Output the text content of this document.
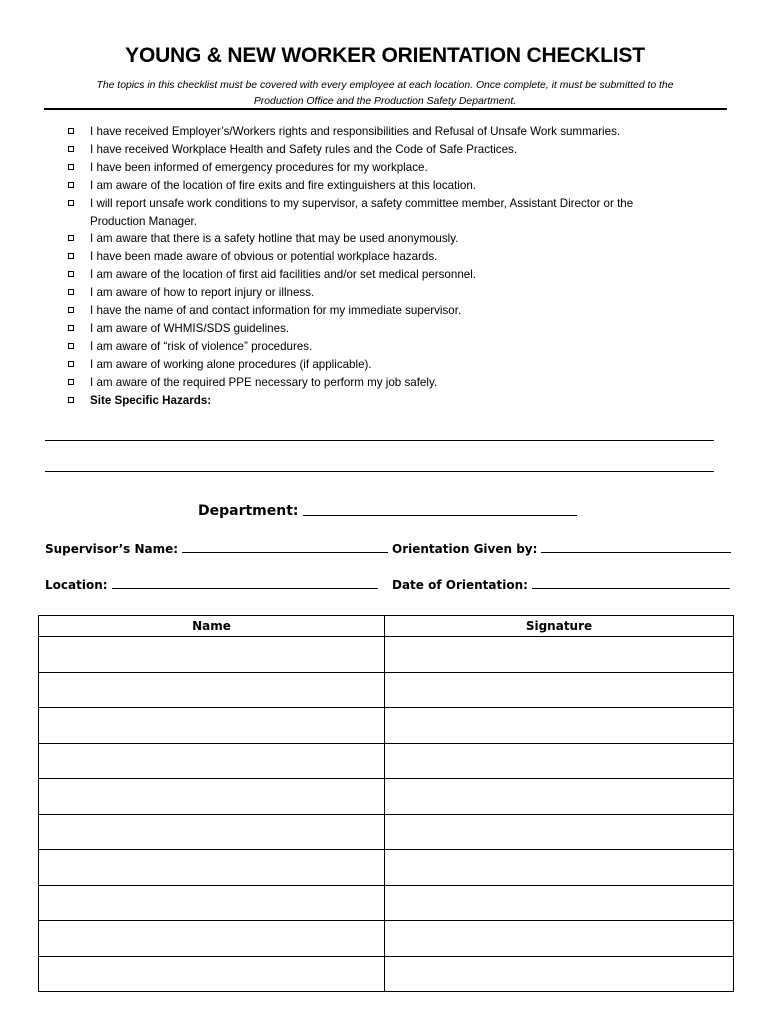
YOUNG & NEW WORKER ORIENTATION CHECKLIST
The topics in this checklist must be covered with every employee at each location. Once complete, it must be submitted to the
Production Office and the Production Safety Department.
I have received Employer’s/Workers rights and responsibilities and Refusal of Unsafe Work summaries.
I have received Workplace Health and Safety rules and the Code of Safe Practices.
I have been informed of emergency procedures for my workplace.
I am aware of the location of fire exits and fire extinguishers at this location.
I will report unsafe work conditions to my supervisor, a safety committee member, Assistant Director or the
Production Manager.
I am aware that there is a safety hotline that may be used anonymously.
I have been made aware of obvious or potential workplace hazards.
I am aware of the location of first aid facilities and/or set medical personnel.
I am aware of how to report injury or illness.
I have the name of and contact information for my immediate supervisor.
I am aware of WHMIS/SDS guidelines.
I am aware of “risk of violence” procedures.
I am aware of working alone procedures (if applicable).
I am aware of the required PPE necessary to perform my job safely.
Site Specific Hazards:
Department:
Supervisor’s Name:	Orientation Given by:
Location:	Date of Orientation:
Name	Signature
